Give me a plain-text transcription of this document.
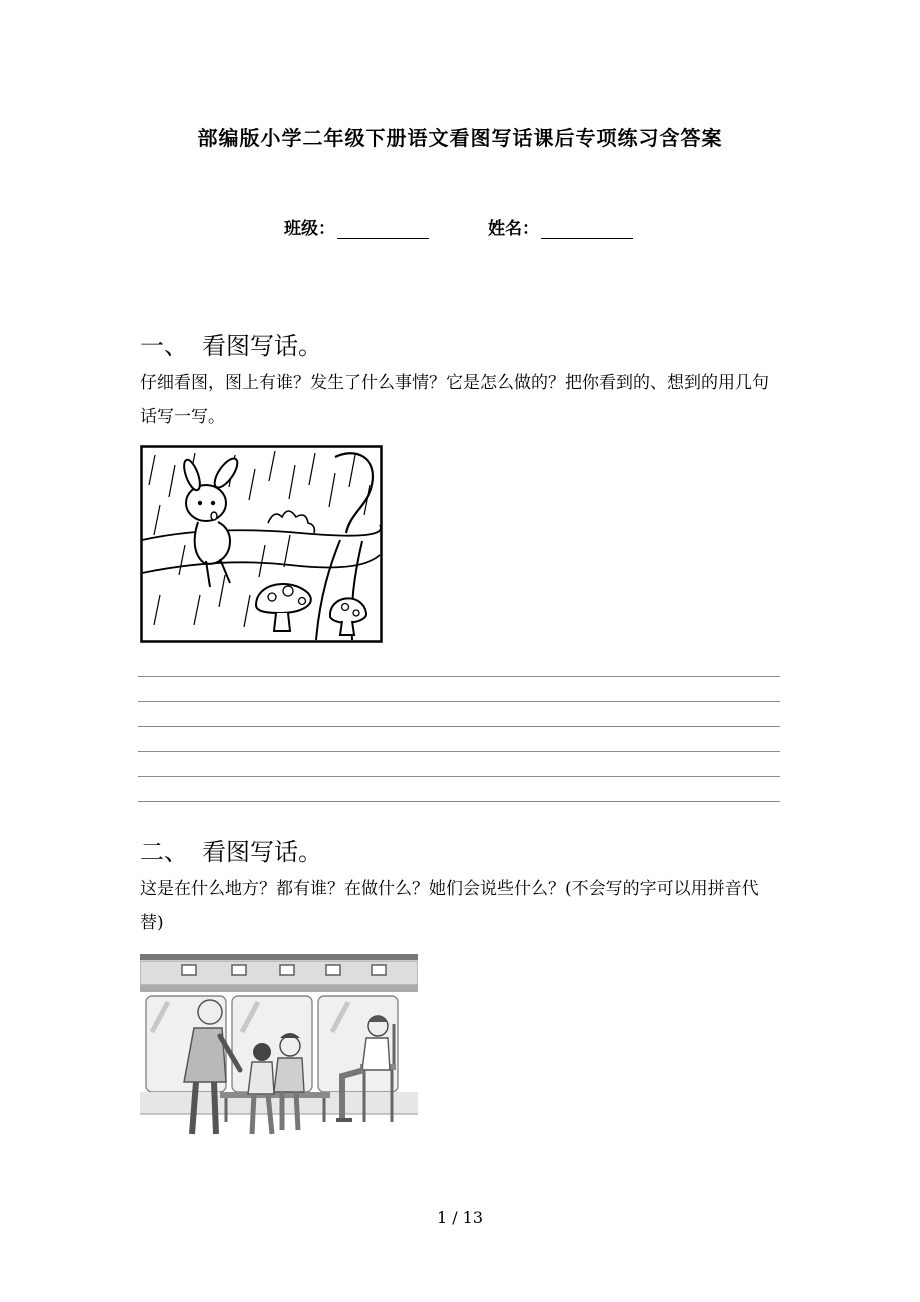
部编版小学二年级下册语文看图写话课后专项练习含答案
班级：	姓名：
一、 看图写话。
仔细看图，图上有谁？发生了什么事情？它是怎么做的？把你看到的、想到的用几句话写一写。
二、 看图写话。
这是在什么地方？都有谁？在做什么？她们会说些什么？(不会写的字可以用拼音代替)
1 / 13
